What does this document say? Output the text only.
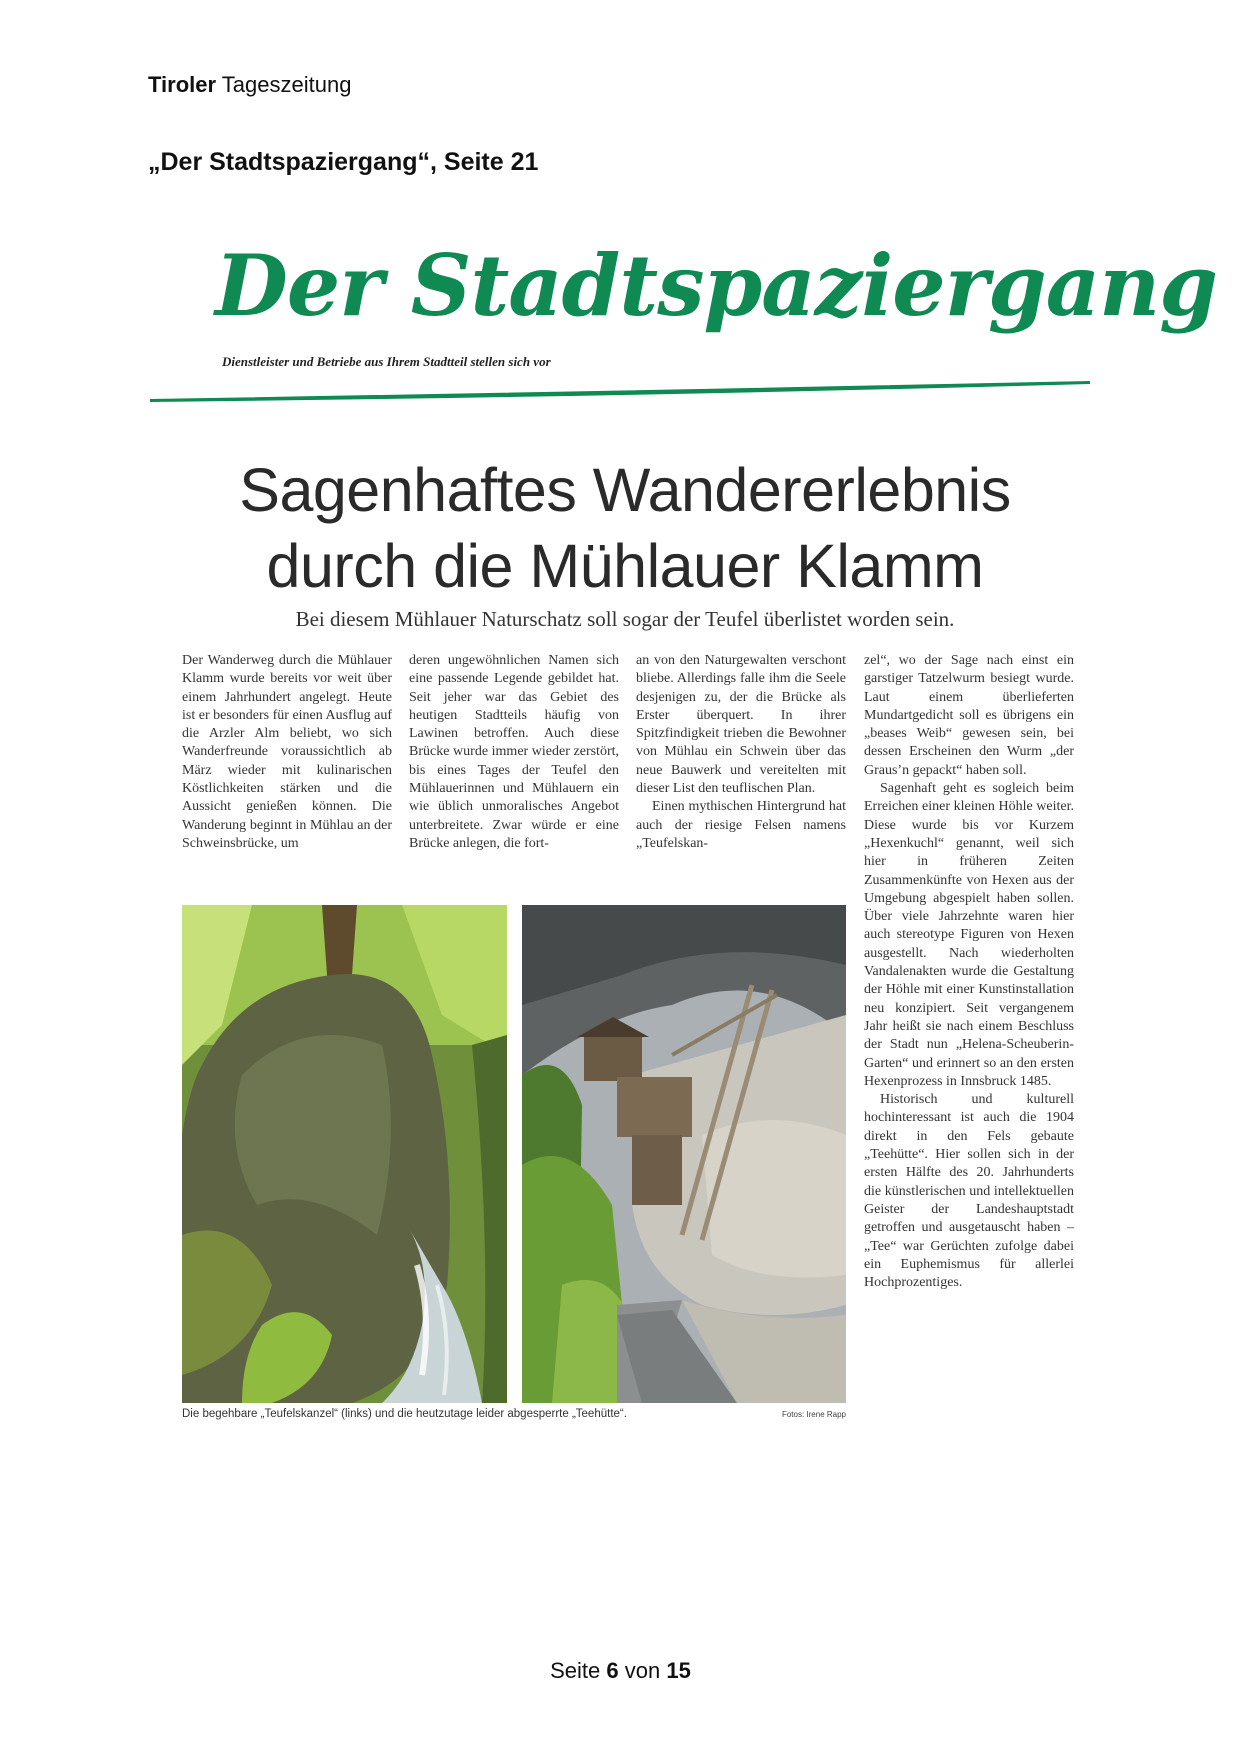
Tiroler Tageszeitung
„Der Stadtspaziergang“, Seite 21
Der Stadtspaziergang
Dienstleister und Betriebe aus Ihrem Stadtteil stellen sich vor
Sagenhaftes Wandererlebnis
durch die Mühlauer Klamm
Bei diesem Mühlauer Naturschatz soll sogar der Teufel überlistet worden sein.

Der Wanderweg durch die Mühlauer Klamm wurde bereits vor weit über einem Jahrhundert angelegt. Heute ist er besonders für einen Ausflug auf die Arzler Alm beliebt, wo sich Wanderfreunde voraussichtlich ab März wieder mit kulinarischen Köstlichkeiten stärken und die Aussicht genießen können. Die Wanderung beginnt in Mühlau an der Schweinsbrücke, um

deren ungewöhnlichen Namen sich eine passende Legende gebildet hat. Seit jeher war das Gebiet des heutigen Stadtteils häufig von Lawinen betroffen. Auch diese Brücke wurde immer wieder zerstört, bis eines Tages der Teufel den Mühlauerinnen und Mühlauern ein wie üblich unmoralisches Angebot unterbreitete. Zwar würde er eine Brücke anlegen, die fort-

an von den Naturgewalten verschont bliebe. Allerdings falle ihm die Seele desjenigen zu, der die Brücke als Erster überquert. In ihrer Spitzfindigkeit trieben die Bewohner von Mühlau ein Schwein über das neue Bauwerk und vereitelten mit dieser List den teuflischen Plan.

Einen mythischen Hintergrund hat auch der riesige Felsen namens „Teufelskan-

zel“, wo der Sage nach einst ein garstiger Tatzelwurm besiegt wurde. Laut einem überlieferten Mundartgedicht soll es übrigens ein „beases Weib“ gewesen sein, bei dessen Erscheinen den Wurm „der Graus’n gepackt“ haben soll.

Sagenhaft geht es sogleich beim Erreichen einer kleinen Höhle weiter. Diese wurde bis vor Kurzem „Hexenkuchl“ genannt, weil sich hier in früheren Zeiten Zusammenkünfte von Hexen aus der Umgebung abgespielt haben sollen. Über viele Jahrzehnte waren hier auch stereotype Figuren von Hexen ausgestellt. Nach wiederholten Vandalenakten wurde die Gestaltung der Höhle mit einer Kunstinstallation neu konzipiert. Seit vergangenem Jahr heißt sie nach einem Beschluss der Stadt nun „Helena-Scheuberin-Garten“ und erinnert so an den ersten Hexenprozess in Innsbruck 1485.

Historisch und kulturell hochinteressant ist auch die 1904 direkt in den Fels gebaute „Teehütte“. Hier sollen sich in der ersten Hälfte des 20. Jahrhunderts die künstlerischen und intellektuellen Geister der Landeshauptstadt getroffen und ausgetauscht haben – „Tee“ war Gerüchten zufolge dabei ein Euphemismus für allerlei Hochprozentiges.

Die begehbare „Teufelskanzel“ (links) und die heutzutage leider abgesperrte „Teehütte“.	Fotos: Irene Rapp
Seite 6 von 15
